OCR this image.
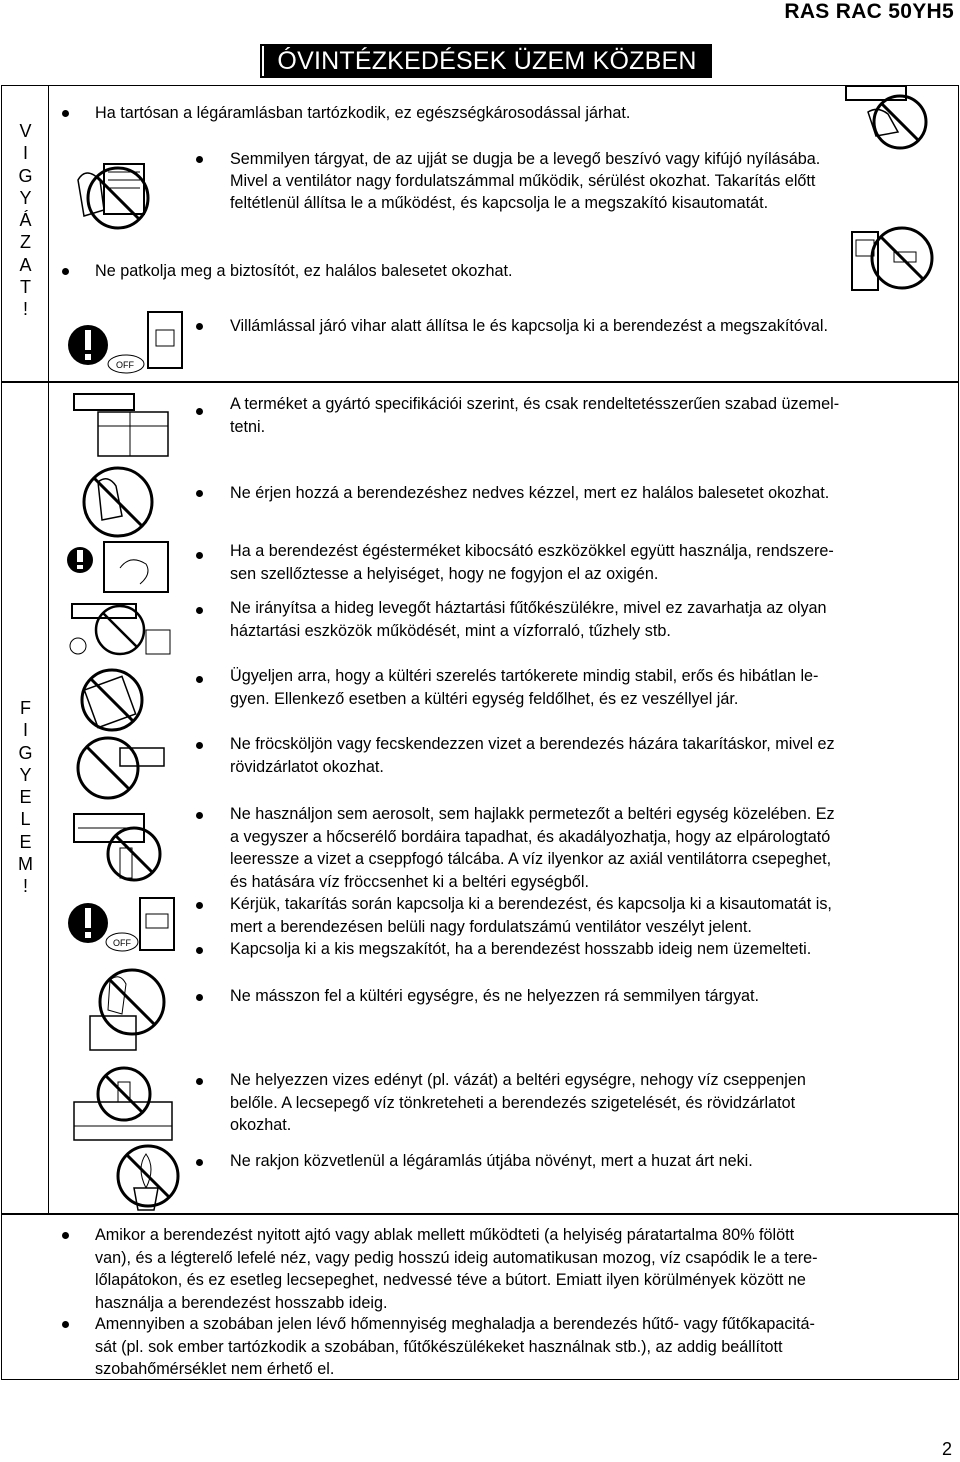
RAS RAC 50YH5
ÓVINTÉZKEDÉSEK ÜZEM KÖZBEN
V
I
G
Y
Á
Z
A
T
!
Ha tartósan a légáramlásban tartózkodik, ez egészségkárosodással járhat.
Semmilyen tárgyat, de az ujját se dugja be a levegő beszívó vagy kifújó nyílásába.
Mivel a ventilátor nagy fordulatszámmal működik, sérülést okozhat. Takarítás előtt
feltétlenül állítsa le a működést, és kapcsolja le a megszakító kisautomatát.
Ne patkolja meg a biztosítót, ez halálos balesetet okozhat.
Villámlással járó vihar alatt állítsa le és kapcsolja ki a berendezést a megszakítóval.
OFF
F
I
G
Y
E
L
E
M
!
A terméket a gyártó specifikációi szerint, és csak rendeltetésszerűen szabad üzemel-
tetni.
Ne érjen hozzá a berendezéshez nedves kézzel, mert ez halálos balesetet okozhat.
Ha a berendezést égésterméket kibocsátó eszközökkel együtt használja, rendszere-
sen szellőztesse a helyiséget, hogy ne fogyjon el az oxigén.
Ne irányítsa a hideg levegőt háztartási fűtőkészülékre, mivel ez zavarhatja az olyan
háztartási eszközök működését, mint a vízforraló, tűzhely stb.
Ügyeljen arra, hogy a kültéri szerelés tartókerete mindig stabil, erős és hibátlan le-
gyen. Ellenkező esetben a kültéri egység feldőlhet, és ez veszéllyel jár.
Ne fröcsköljön vagy fecskendezzen vizet a berendezés házára takarításkor, mivel ez
rövidzárlatot okozhat.
Ne használjon sem aerosolt, sem hajlakk permetezőt a beltéri egység közelében. Ez
a vegyszer a hőcserélő bordáira tapadhat, és akadályozhatja, hogy az elpárologtató
leeressze a vizet a cseppfogó tálcába. A víz ilyenkor az axiál ventilátorra csepeghet,
és hatására víz fröccsenhet ki a beltéri egységből.
Kérjük, takarítás során kapcsolja ki a berendezést, és kapcsolja ki a kisautomatát is,
mert a berendezésen belüli nagy fordulatszámú ventilátor veszélyt jelent.
Kapcsolja ki a kis megszakítót, ha a berendezést hosszabb ideig nem üzemelteti.
Ne másszon fel a kültéri egységre, és ne helyezzen rá semmilyen tárgyat.
Ne helyezzen vizes edényt (pl. vázát) a beltéri egységre, nehogy víz cseppenjen
belőle. A lecsepegő víz tönkreteheti a berendezés szigetelését, és rövidzárlatot
okozhat.
Ne rakjon közvetlenül a légáramlás útjába növényt, mert a huzat árt neki.
OFF
Amikor a berendezést nyitott ajtó vagy ablak mellett működteti (a helyiség páratartalma 80% fölött
van), és a légterelő lefelé néz, vagy pedig hosszú ideig automatikusan mozog, víz csapódik le a tere-
lőlapátokon, és ez esetleg lecsepeghet, nedvessé téve a bútort. Emiatt ilyen körülmények között ne
használja a berendezést hosszabb ideig.
Amennyiben a szobában jelen lévő hőmennyiség meghaladja a berendezés hűtő- vagy fűtőkapacitá-
sát (pl. sok ember tartózkodik a szobában, fűtőkészülékeket használnak stb.), az addig beállított
szobahőmérséklet nem érhető el.
2
